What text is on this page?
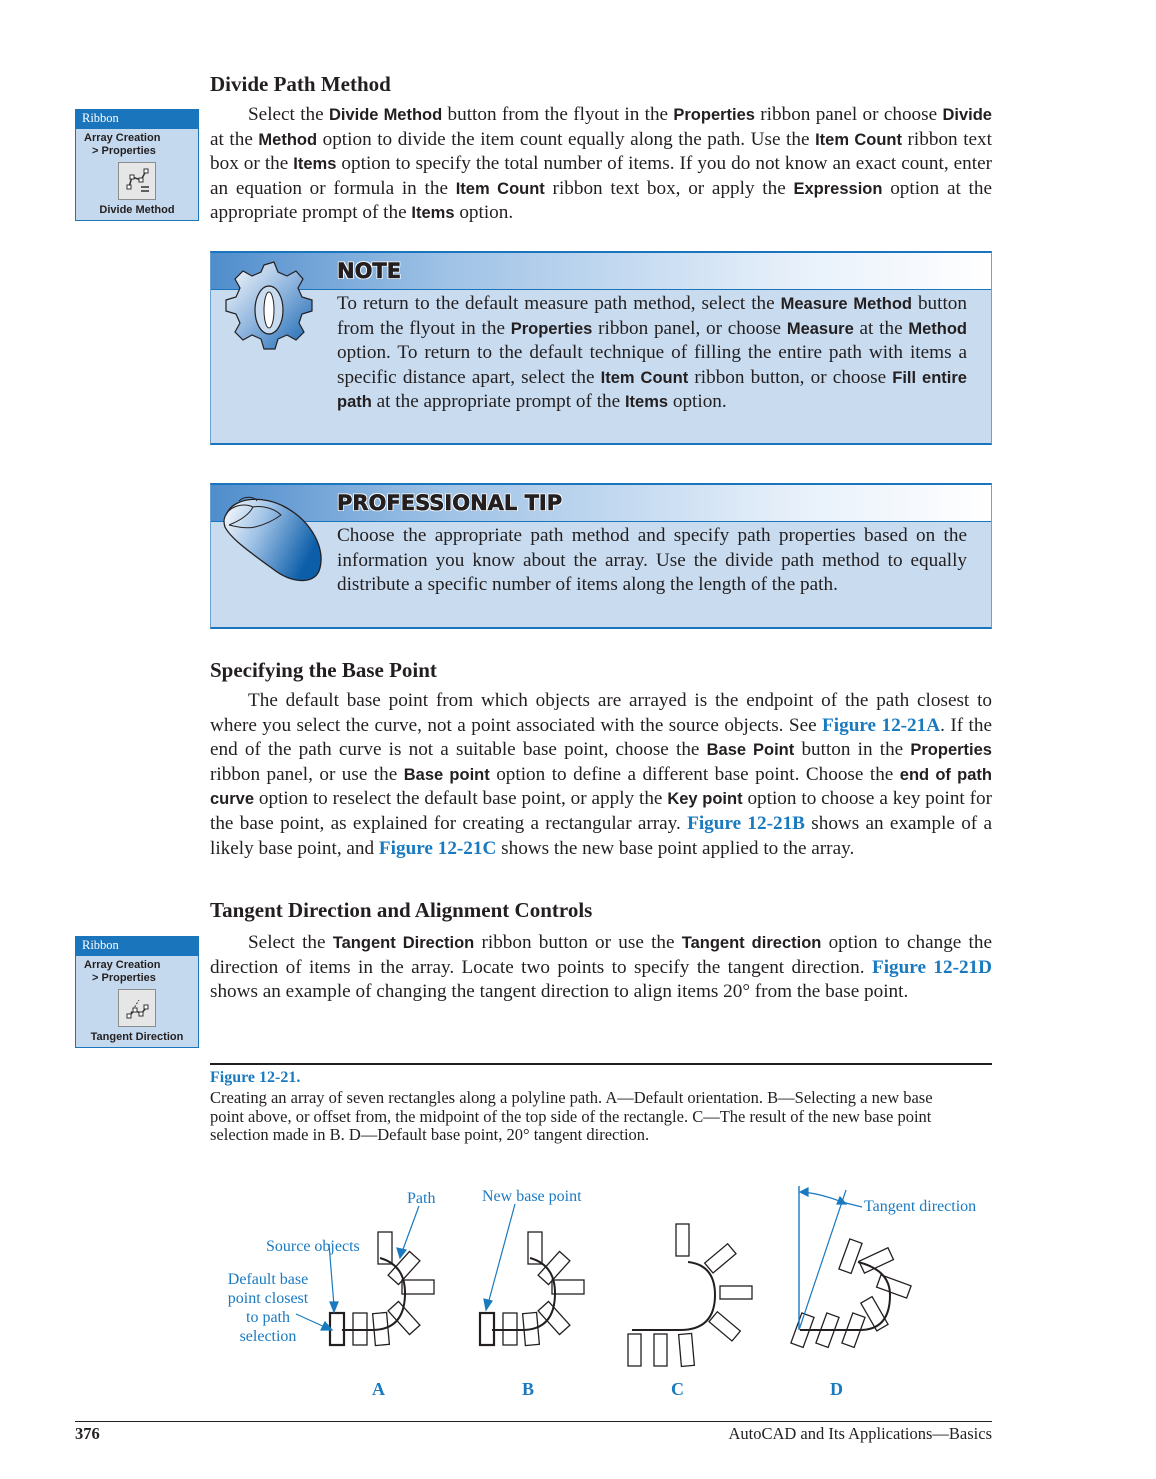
Divide Path Method
Select the Divide Method button from the flyout in the Properties ribbon panel or choose Divide at the Method option to divide the item count equally along the path. Use the Item Count ribbon text box or the Items option to specify the total number of items. If you do not know an exact count, enter an equation or formula in the Item Count ribbon text box, or apply the Expression option at the appropriate prompt of the Items option.
Ribbon
Array Creation
> Properties
Divide Method
NOTE
To return to the default measure path method, select the Measure Method button from the flyout in the Properties ribbon panel, or choose Measure at the Method option. To return to the default technique of filling the entire path with items a specific distance apart, select the Item Count ribbon button, or choose Fill entire path at the appropriate prompt of the Items option.
PROFESSIONAL TIP
Choose the appropriate path method and specify path properties based on the information you know about the array. Use the divide path method to equally distribute a specific number of items along the length of the path.
Specifying the Base Point
The default base point from which objects are arrayed is the endpoint of the path closest to where you select the curve, not a point associated with the source objects. See Figure 12-21A. If the end of the path curve is not a suitable base point, choose the Base Point button in the Properties ribbon panel, or use the Base point option to define a different base point. Choose the end of path curve option to reselect the default base point, or apply the Key point option to choose a key point for the base point, as explained for creating a rectangular array. Figure 12-21B shows an example of a likely base point, and Figure 12-21C shows the new base point applied to the array.
Tangent Direction and Alignment Controls
Select the Tangent Direction ribbon button or use the Tangent direction option to change the direction of items in the array. Locate two points to specify the tangent direction. Figure 12-21D shows an example of changing the tangent direction to align items 20° from the base point.
Ribbon
Array Creation
> Properties
Tangent Direction
Figure 12-21.
Creating an array of seven rectangles along a polyline path. A—Default orientation. B—Selecting a new base point above, or offset from, the midpoint of the top side of the rectangle. C—The result of the new base point selection made in B. D—Default base point, 20° tangent direction.
Path
Source objects
Default base
point closest
to path
selection
New base point
Tangent direction
A	B	C	D
376	AutoCAD and Its Applications—Basics
